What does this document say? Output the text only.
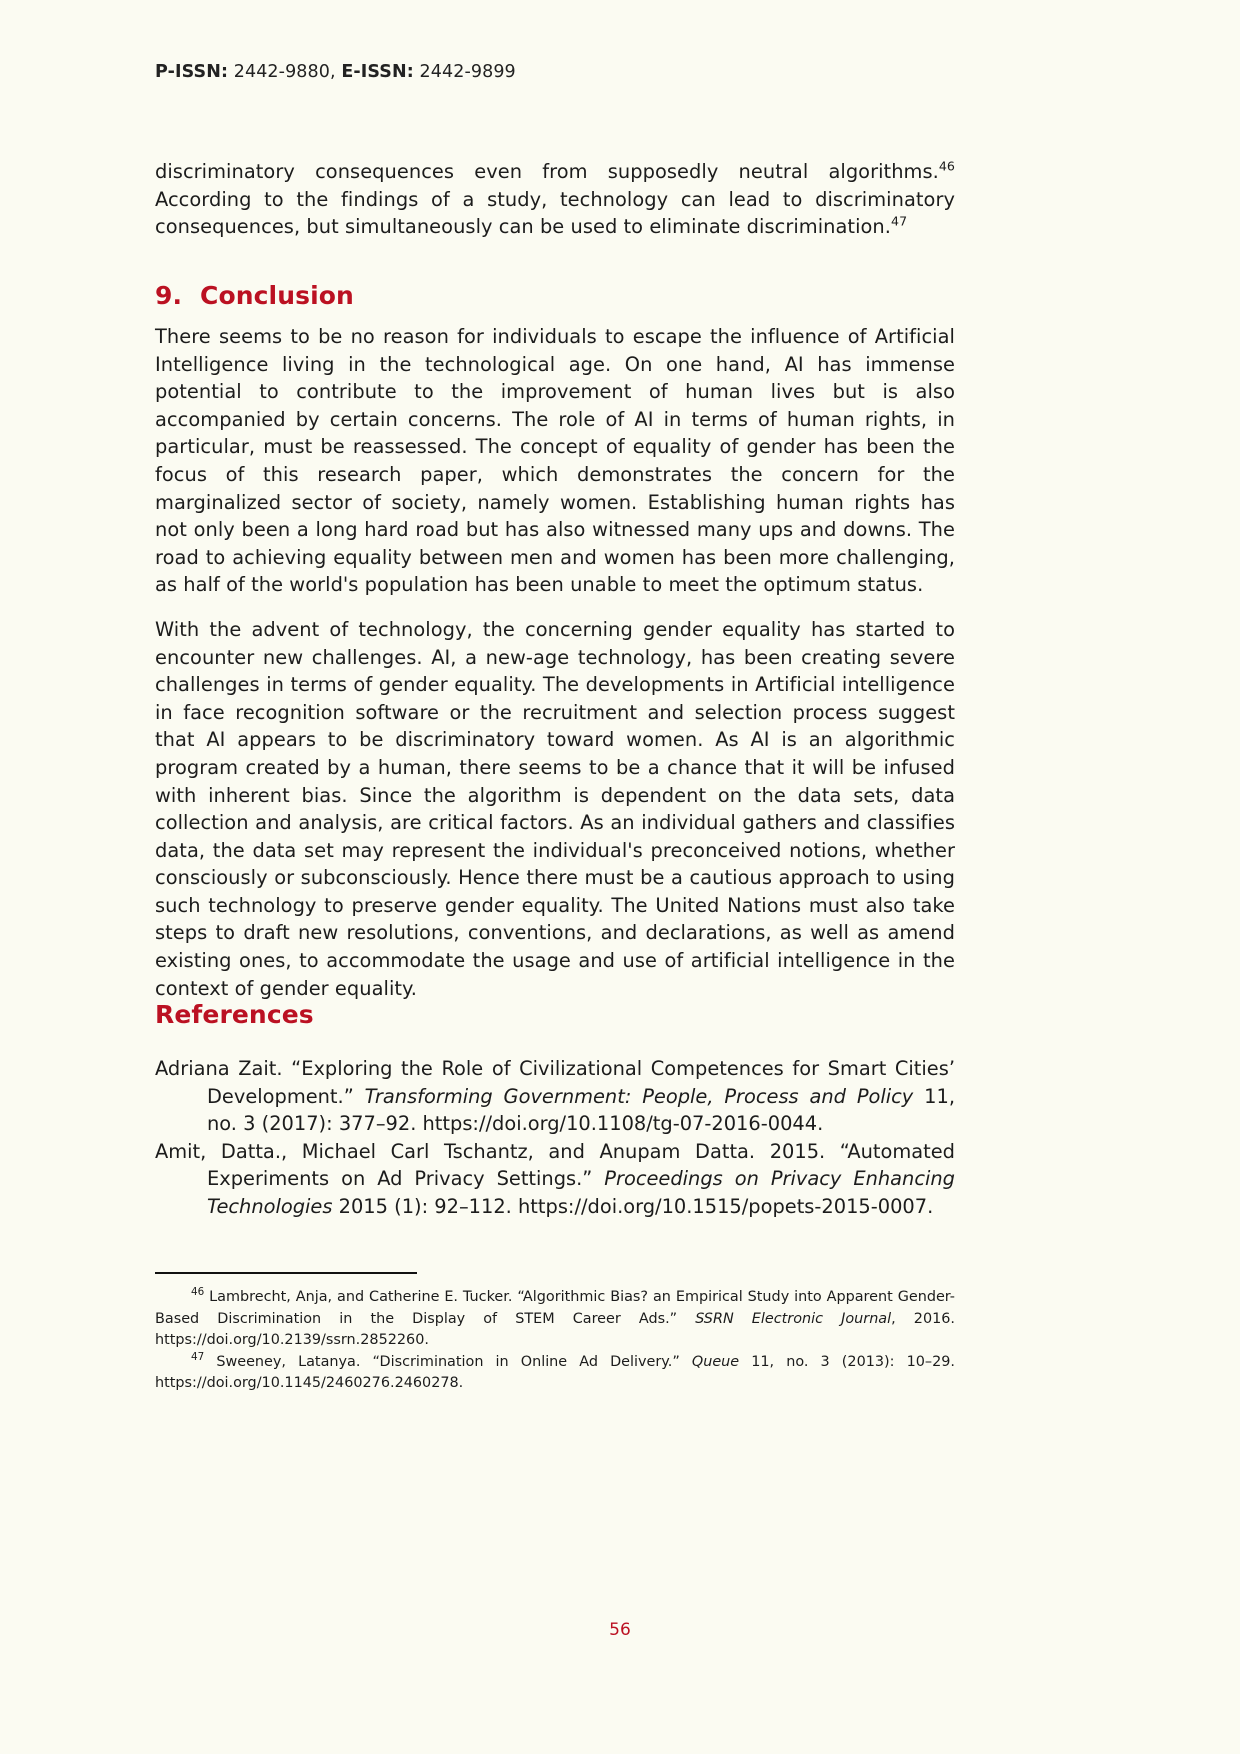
P-ISSN: 2442-9880, E-ISSN: 2442-9899

discriminatory consequences even from supposedly neutral algorithms.$^{46}$ According to the findings of a study, technology can lead to discriminatory consequences, but simultaneously can be used to eliminate discrimination.$^{47}$

9. Conclusion

There seems to be no reason for individuals to escape the influence of Artificial Intelligence living in the technological age. On one hand, AI has immense potential to contribute to the improvement of human lives but is also accompanied by certain concerns. The role of AI in terms of human rights, in particular, must be reassessed. The concept of equality of gender has been the focus of this research paper, which demonstrates the concern for the marginalized sector of society, namely women. Establishing human rights has not only been a long hard road but has also witnessed many ups and downs. The road to achieving equality between men and women has been more challenging, as half of the world's population has been unable to meet the optimum status.

With the advent of technology, the concerning gender equality has started to encounter new challenges. AI, a new-age technology, has been creating severe challenges in terms of gender equality. The developments in Artificial intelligence in face recognition software or the recruitment and selection process suggest that AI appears to be discriminatory toward women. As AI is an algorithmic program created by a human, there seems to be a chance that it will be infused with inherent bias. Since the algorithm is dependent on the data sets, data collection and analysis, are critical factors. As an individual gathers and classifies data, the data set may represent the individual's preconceived notions, whether consciously or subconsciously. Hence there must be a cautious approach to using such technology to preserve gender equality. The United Nations must also take steps to draft new resolutions, conventions, and declarations, as well as amend existing ones, to accommodate the usage and use of artificial intelligence in the context of gender equality.

References

Adriana Zait. “Exploring the Role of Civilizational Competences for Smart Cities’ Development.” Transforming Government: People, Process and Policy 11, no. 3 (2017): 377–92. https://doi.org/10.1108/tg-07-2016-0044.

Amit, Datta., Michael Carl Tschantz, and Anupam Datta. 2015. “Automated Experiments on Ad Privacy Settings.” Proceedings on Privacy Enhancing Technologies 2015 (1): 92–112. https://doi.org/10.1515/popets-2015-0007.

$^{46}$ Lambrecht, Anja, and Catherine E. Tucker. “Algorithmic Bias? an Empirical Study into Apparent Gender-Based Discrimination in the Display of STEM Career Ads.” SSRN Electronic Journal, 2016. https://doi.org/10.2139/ssrn.2852260.

$^{47}$ Sweeney, Latanya. “Discrimination in Online Ad Delivery.” Queue 11, no. 3 (2013): 10–29. https://doi.org/10.1145/2460276.2460278.

56
